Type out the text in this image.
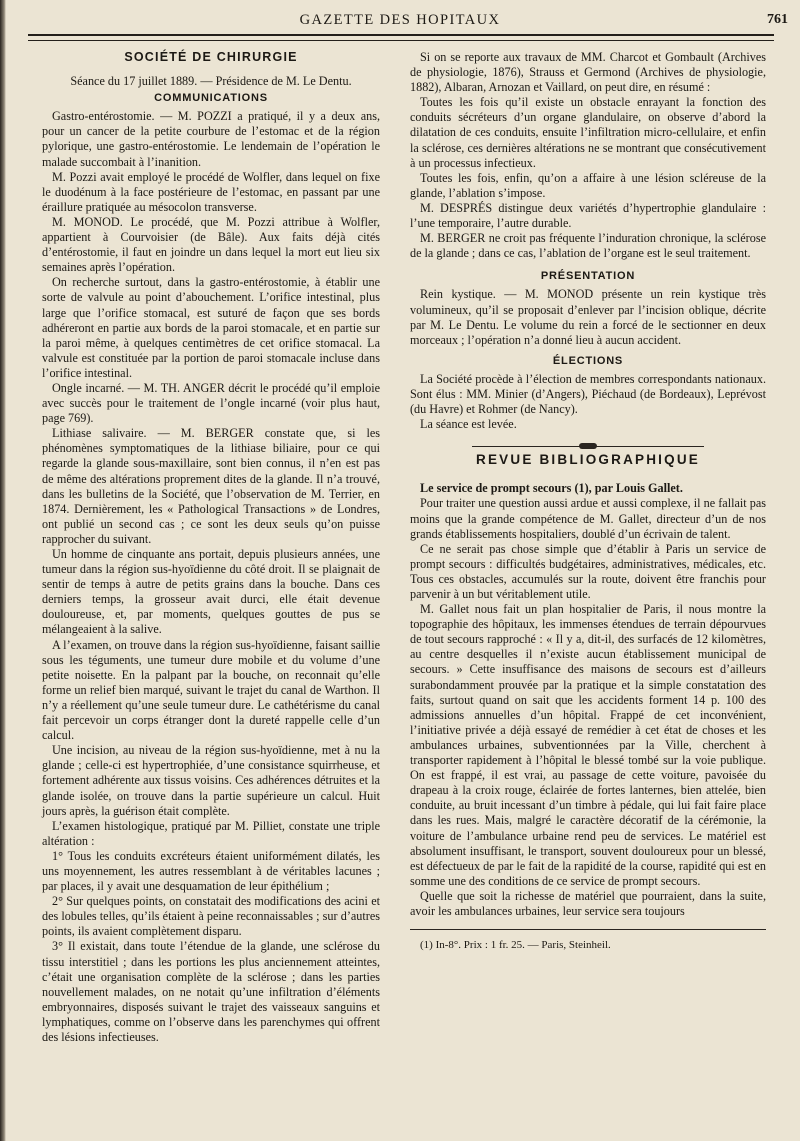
GAZETTE DES HOPITAUX	761
SOCIÉTÉ DE CHIRURGIE

Séance du 17 juillet 1889. — Présidence de M. Le Dentu.

COMMUNICATIONS

Gastro-entérostomie. — M. POZZI a pratiqué, il y a deux ans, pour un cancer de la petite courbure de l’estomac et de la région pylorique, une gastro-entérostomie. Le lendemain de l’opération le malade succombait à l’inanition.

M. Pozzi avait employé le procédé de Wolfler, dans lequel on fixe le duodénum à la face postérieure de l’estomac, en passant par une éraillure pratiquée au mésocolon transverse.

M. MONOD. Le procédé, que M. Pozzi attribue à Wolfler, appartient à Courvoisier (de Bâle). Aux faits déjà cités d’entérostomie, il faut en joindre un dans lequel la mort eut lieu six semaines après l’opération.

On recherche surtout, dans la gastro-entérostomie, à établir une sorte de valvule au point d’abouchement. L’orifice intestinal, plus large que l’orifice stomacal, est suturé de façon que ses bords adhéreront en partie aux bords de la paroi stomacale, et en partie sur la paroi même, à quelques centimètres de cet orifice stomacal. La valvule est constituée par la portion de paroi stomacale incluse dans l’orifice intestinal.

Ongle incarné. — M. TH. ANGER décrit le procédé qu’il emploie avec succès pour le traitement de l’ongle incarné (voir plus haut, page 769).

Lithiase salivaire. — M. BERGER constate que, si les phénomènes symptomatiques de la lithiase biliaire, pour ce qui regarde la glande sous-maxillaire, sont bien connus, il n’en est pas de même des altérations proprement dites de la glande. Il n’a trouvé, dans les bulletins de la Société, que l’observation de M. Terrier, en 1874. Dernièrement, les « Pathological Transactions » de Londres, ont publié un second cas ; ce sont les deux seuls qu’on puisse rapprocher du suivant.

Un homme de cinquante ans portait, depuis plusieurs années, une tumeur dans la région sus-hyoïdienne du côté droit. Il se plaignait de sentir de temps à autre de petits grains dans la bouche. Dans ces derniers temps, la grosseur avait durci, elle était devenue douloureuse, et, par moments, quelques gouttes de pus se mélangeaient à la salive.

A l’examen, on trouve dans la région sus-hyoïdienne, faisant saillie sous les téguments, une tumeur dure mobile et du volume d’une petite noisette. En la palpant par la bouche, on reconnait qu’elle forme un relief bien marqué, suivant le trajet du canal de Warthon. Il n’y a réellement qu’une seule tumeur dure. Le cathétérisme du canal fait percevoir un corps étranger dont la dureté rappelle celle d’un calcul.

Une incision, au niveau de la région sus-hyoïdienne, met à nu la glande ; celle-ci est hypertrophiée, d’une consistance squirrheuse, et fortement adhérente aux tissus voisins. Ces adhérences détruites et la glande isolée, on trouve dans la partie supérieure un calcul. Huit jours après, la guérison était complète.

L’examen histologique, pratiqué par M. Pilliet, constate une triple altération :

1° Tous les conduits excréteurs étaient uniformément dilatés, les uns moyennement, les autres ressemblant à de véritables lacunes ; par places, il y avait une desquamation de leur épithélium ;

2° Sur quelques points, on constatait des modifications des acini et des lobules telles, qu’ils étaient à peine reconnaissables ; sur d’autres points, ils avaient complètement disparu.

3° Il existait, dans toute l’étendue de la glande, une sclérose du tissu interstitiel ; dans les portions les plus anciennement atteintes, c’était une organisation complète de la sclérose ; dans les parties nouvellement malades, on ne notait qu’une infiltration d’éléments embryonnaires, disposés suivant le trajet des vaisseaux sanguins et lymphatiques, comme on l’observe dans les parenchymes qui offrent des lésions infectieuses.

Si on se reporte aux travaux de MM. Charcot et Gombault (Archives de physiologie, 1876), Strauss et Germond (Archives de physiologie, 1882), Albaran, Arnozan et Vaillard, on peut dire, en résumé :

Toutes les fois qu’il existe un obstacle enrayant la fonction des conduits sécréteurs d’un organe glandulaire, on observe d’abord la dilatation de ces conduits, ensuite l’infiltration micro-cellulaire, et enfin la sclérose, ces dernières altérations ne se montrant que consécutivement à un processus infectieux.

Toutes les fois, enfin, qu’on a affaire à une lésion scléreuse de la glande, l’ablation s’impose.

M. DESPRÉS distingue deux variétés d’hypertrophie glandulaire : l’une temporaire, l’autre durable.

M. BERGER ne croit pas fréquente l’induration chronique, la sclérose de la glande ; dans ce cas, l’ablation de l’organe est le seul traitement.

PRÉSENTATION

Rein kystique. — M. MONOD présente un rein kystique très volumineux, qu’il se proposait d’enlever par l’incision oblique, décrite par M. Le Dentu. Le volume du rein a forcé de le sectionner en deux morceaux ; l’opération n’a donné lieu à aucun accident.

ÉLECTIONS

La Société procède à l’élection de membres correspondants nationaux. Sont élus : MM. Minier (d’Angers), Piéchaud (de Bordeaux), Leprévost (du Havre) et Rohmer (de Nancy).

La séance est levée.

REVUE BIBLIOGRAPHIQUE

Le service de prompt secours (1), par Louis Gallet.

Pour traiter une question aussi ardue et aussi complexe, il ne fallait pas moins que la grande compétence de M. Gallet, directeur d’un de nos grands établissements hospitaliers, doublé d’un écrivain de talent.

Ce ne serait pas chose simple que d’établir à Paris un service de prompt secours : difficultés budgétaires, administratives, médicales, etc. Tous ces obstacles, accumulés sur la route, doivent être franchis pour parvenir à un but véritablement utile.

M. Gallet nous fait un plan hospitalier de Paris, il nous montre la topographie des hôpitaux, les immenses étendues de terrain dépourvues de tout secours rapproché : « Il y a, dit-il, des surfacés de 12 kilomètres, au centre desquelles il n’existe aucun établissement municipal de secours. » Cette insuffisance des maisons de secours est d’ailleurs surabondamment prouvée par la pratique et la simple constatation des faits, surtout quand on sait que les accidents forment 14 p. 100 des admissions annuelles d’un hôpital. Frappé de cet inconvénient, l’initiative privée a déjà essayé de remédier à cet état de choses et les ambulances urbaines, subventionnées par la Ville, cherchent à transporter rapidement à l’hôpital le blessé tombé sur la voie publique. On est frappé, il est vrai, au passage de cette voiture, pavoisée du drapeau à la croix rouge, éclairée de fortes lanternes, bien attelée, bien conduite, au bruit incessant d’un timbre à pédale, qui lui fait faire place dans les rues. Mais, malgré le caractère décoratif de la cérémonie, la voiture de l’ambulance urbaine rend peu de services. Le matériel est absolument insuffisant, le transport, souvent douloureux pour un blessé, est défectueux de par le fait de la rapidité de la course, rapidité qui est en somme une des conditions de ce service de prompt secours.

Quelle que soit la richesse de matériel que pourraient, dans la suite, avoir les ambulances urbaines, leur service sera toujours

(1) In-8°. Prix : 1 fr. 25. — Paris, Steinheil.
